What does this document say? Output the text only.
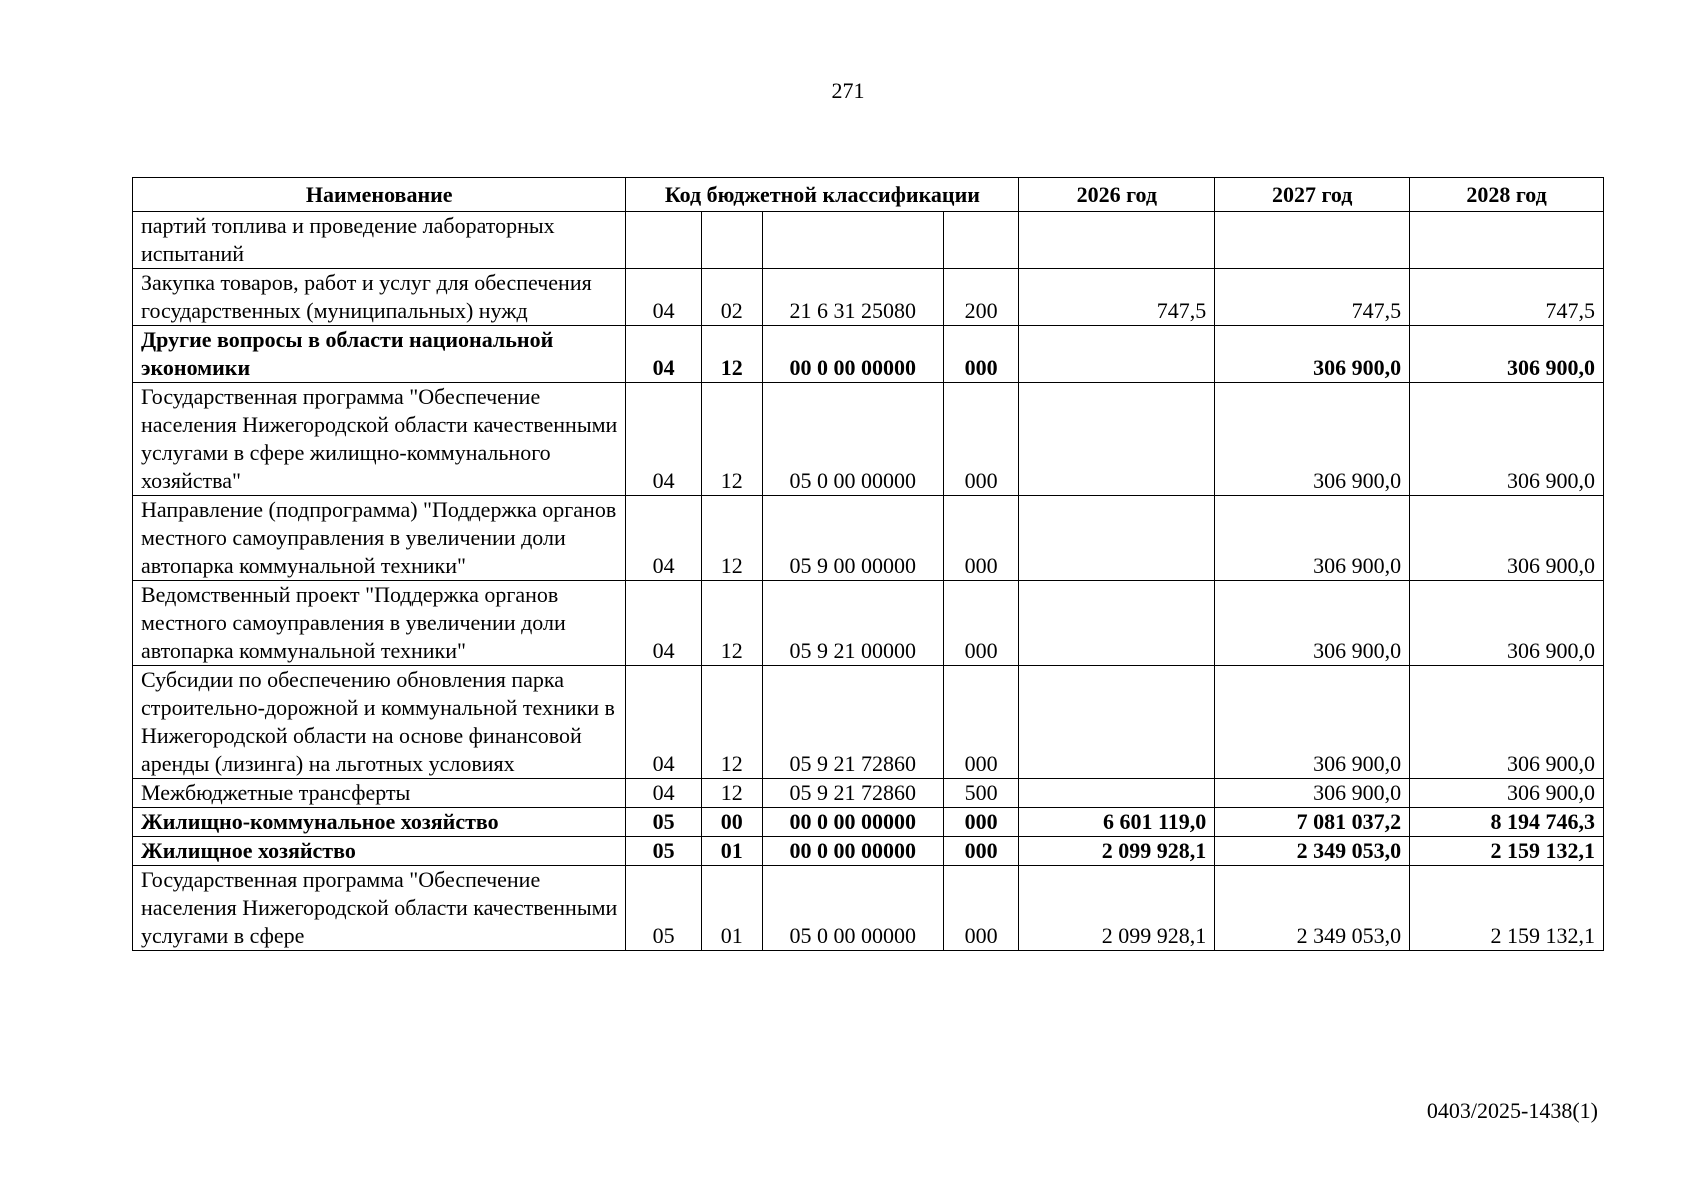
271
Наименование	Код бюджетной классификации				2026 год	2027 год	2028 год
партий топлива и проведение лабораторных испытаний							
Закупка товаров, работ и услуг для обеспечения государственных (муниципальных) нужд	04	02	21 6 31 25080	200	747,5	747,5	747,5
Другие вопросы в области национальной экономики	04	12	00 0 00 00000	000		306 900,0	306 900,0
Государственная программа "Обеспечение населения Нижегородской области качественными услугами в сфере жилищно-коммунального хозяйства"	04	12	05 0 00 00000	000		306 900,0	306 900,0
Направление (подпрограмма) "Поддержка органов местного самоуправления в увеличении доли автопарка коммунальной техники"	04	12	05 9 00 00000	000		306 900,0	306 900,0
Ведомственный проект "Поддержка органов местного самоуправления в увеличении доли автопарка коммунальной техники"	04	12	05 9 21 00000	000		306 900,0	306 900,0
Субсидии по обеспечению обновления парка строительно-дорожной и коммунальной техники в Нижегородской области на основе финансовой аренды (лизинга) на льготных условиях	04	12	05 9 21 72860	000		306 900,0	306 900,0
Межбюджетные трансферты	04	12	05 9 21 72860	500		306 900,0	306 900,0
Жилищно-коммунальное хозяйство	05	00	00 0 00 00000	000	6 601 119,0	7 081 037,2	8 194 746,3
Жилищное хозяйство	05	01	00 0 00 00000	000	2 099 928,1	2 349 053,0	2 159 132,1
Государственная программа "Обеспечение населения Нижегородской области качественными услугами в сфере	05	01	05 0 00 00000	000	2 099 928,1	2 349 053,0	2 159 132,1
0403/2025-1438(1)
